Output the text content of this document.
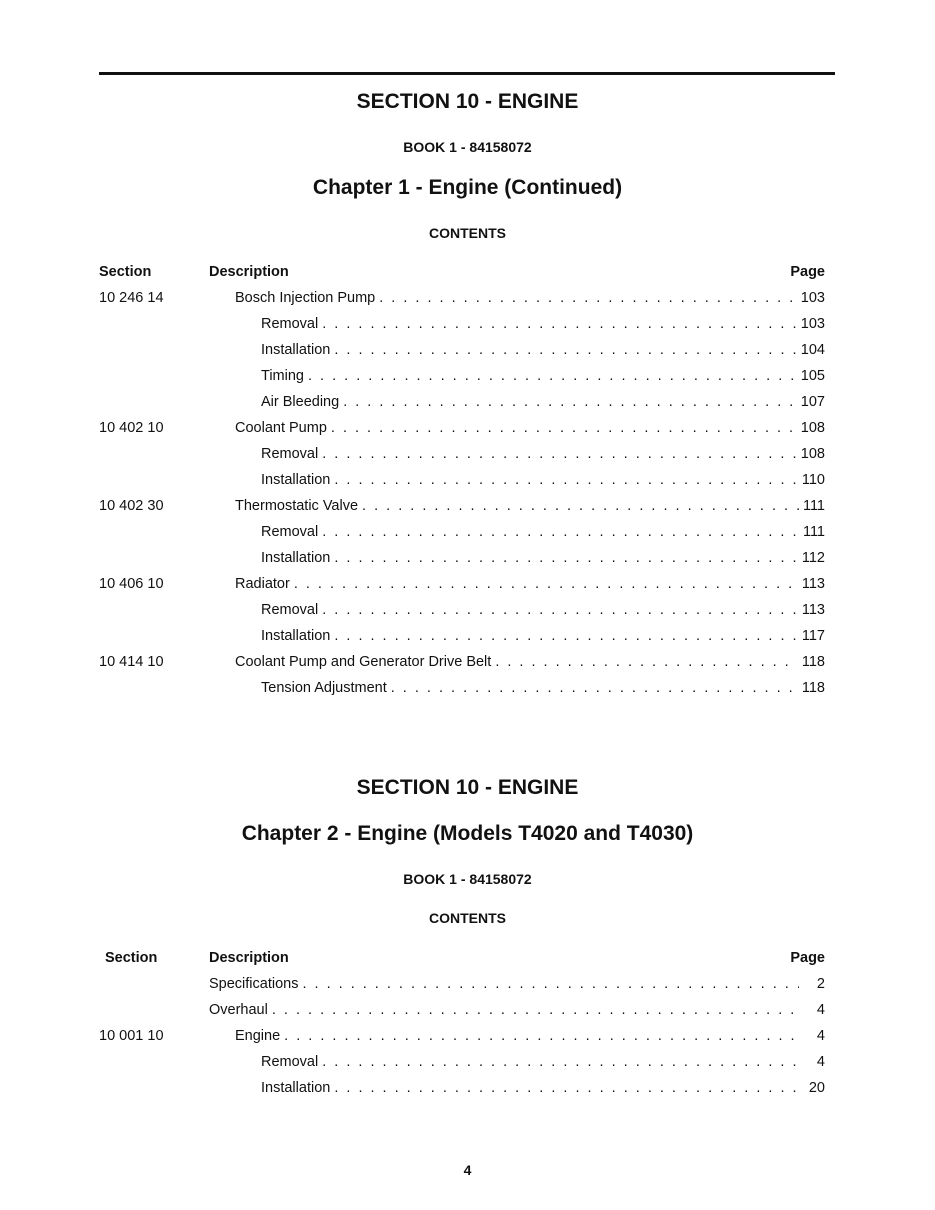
SECTION 10 - ENGINE
BOOK 1 - 84158072
Chapter 1 - Engine (Continued)
CONTENTS
Section	Description	Page
10 246 14	Bosch Injection Pump . . .	103
Removal . . .	103
Installation . . .	104
Timing . . .	105
Air Bleeding . . .	107
10 402 10	Coolant Pump . . .	108
Removal . . .	108
Installation . . .	110
10 402 30	Thermostatic Valve . . .	111
Removal . . .	111
Installation . . .	112
10 406 10	Radiator . . .	113
Removal . . .	113
Installation . . .	117
10 414 10	Coolant Pump and Generator Drive Belt . . .	118
Tension Adjustment . . .	118
SECTION 10 - ENGINE
Chapter 2 - Engine (Models T4020 and T4030)
BOOK 1 - 84158072
CONTENTS
Section	Description	Page
Specifications . . .	2
Overhaul . . .	4
10 001 10	Engine . . .	4
Removal . . .	4
Installation . . .	20
4
